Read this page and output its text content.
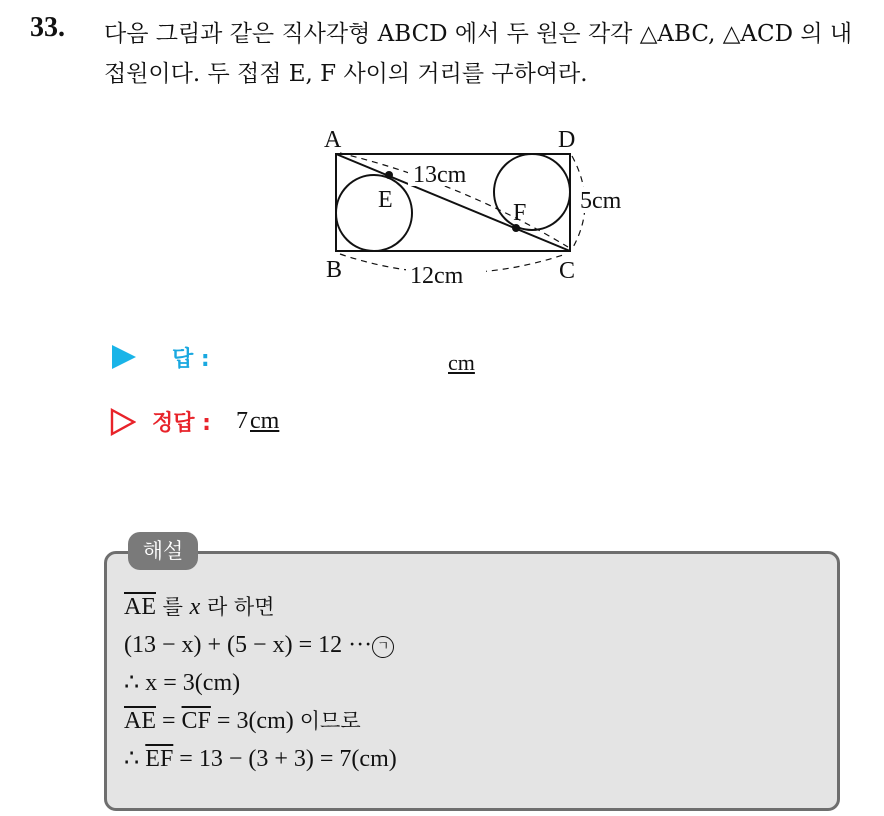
33. 다음 그림과 같은 직사각형 ABCD 에서 두 원은 각각 △ABC, △ACD 의 내접원이다. 두 접점 E, F 사이의 거리를 구하여라.
A	D
B	C
E	F
13cm
5cm
12cm
답 :	cm
정답 : 7cm
해설
$\overline{AE}$ 를 x 라 하면
(13 − x) + (5 − x) = 12 ··· ㄱ
∴ x = 3(cm)
$\overline{AE} = \overline{CF} = 3(cm)$ 이므로
∴ $\overline{EF} = 13 - (3 + 3) = 7(cm)$
